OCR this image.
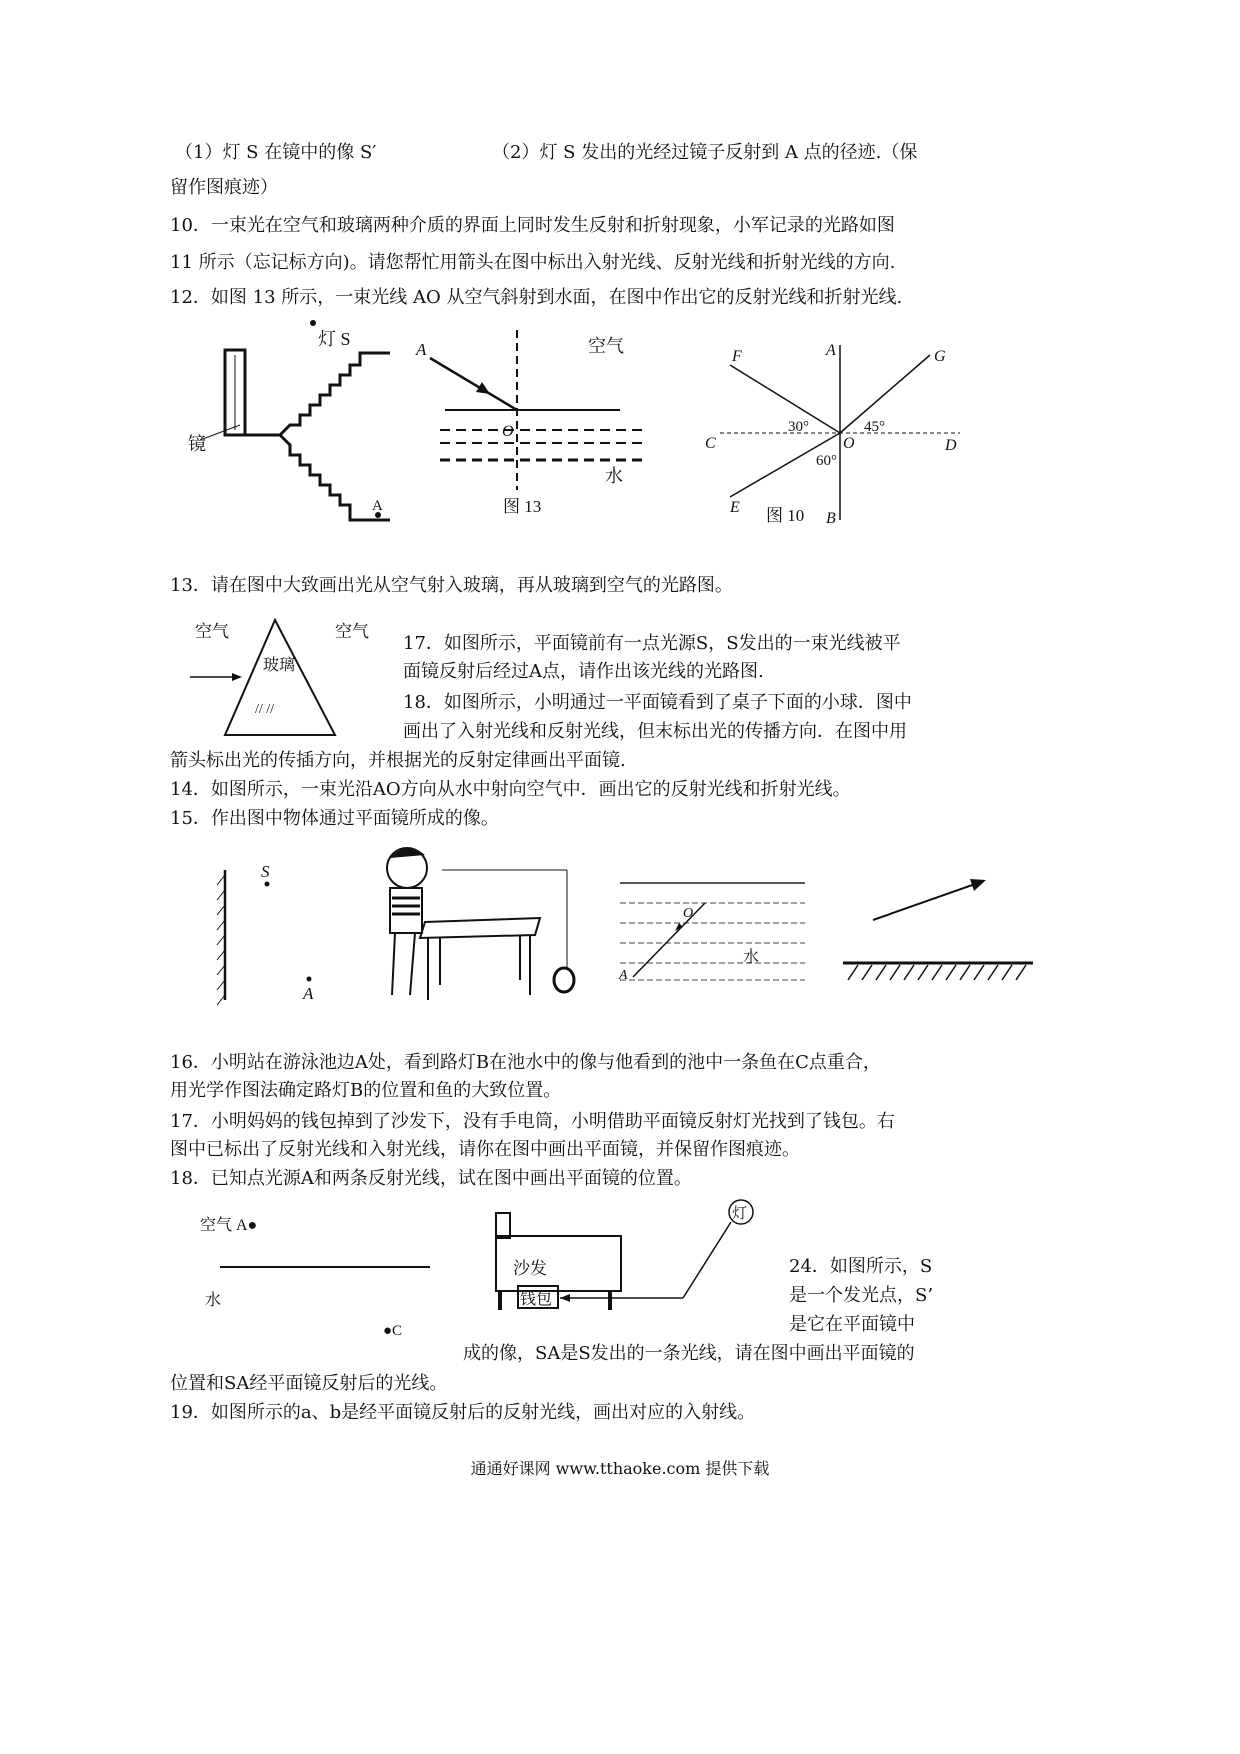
（1）灯 S 在镜中的像 S′	（2）灯 S 发出的光经过镜子反射到 A 点的径迹.（保
留作图痕迹）
10．一束光在空气和玻璃两种介质的界面上同时发生反射和折射现象，小军记录的光路如图
11 所示（忘记标方向)。请您帮忙用箭头在图中标出入射光线、反射光线和折射光线的方向.
12．如图 13 所示，一束光线 AO 从空气斜射到水面，在图中作出它的反射光线和折射光线.
灯 S
镜
A
A	空气
O
水
图 13
F	A	G
C	D
O
E
B
30°	45°
60°
图 10
13．请在图中大致画出光从空气射入玻璃，再从玻璃到空气的光路图。
空气	空气
玻璃
// //
17．如图所示，平面镜前有一点光源S，S发出的一束光线被平
面镜反射后经过A点，请作出该光线的光路图.
18．如图所示，小明通过一平面镜看到了桌子下面的小球．图中
画出了入射光线和反射光线，但末标出光的传播方向．在图中用
箭头标出光的传插方向，并根据光的反射定律画出平面镜.
14．如图所示，一束光沿AO方向从水中射向空气中．画出它的反射光线和折射光线。
15．作出图中物体通过平面镜所成的像。
S
A
O
A
水
16．小明站在游泳池边A处，看到路灯B在池水中的像与他看到的池中一条鱼在C点重合，
用光学作图法确定路灯B的位置和鱼的大致位置。
17．小明妈妈的钱包掉到了沙发下，没有手电筒，小明借助平面镜反射灯光找到了钱包。右
图中已标出了反射光线和入射光线，请你在图中画出平面镜，并保留作图痕迹。
18．已知点光源A和两条反射光线，试在图中画出平面镜的位置。
空气 A●
水
●C
沙发
钱包
灯
24．如图所示，S
是一个发光点，S’
是它在平面镜中
成的像，SA是S发出的一条光线，请在图中画出平面镜的
位置和SA经平面镜反射后的光线。
19．如图所示的a、b是经平面镜反射后的反射光线，画出对应的入射线。
通通好课网 www.tthaoke.com 提供下载
